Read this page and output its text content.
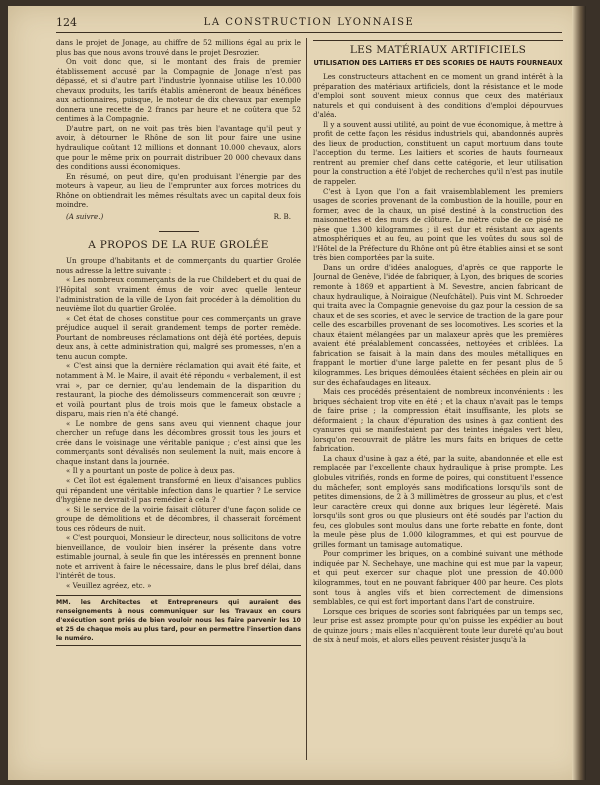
124	LA CONSTRUCTION LYONNAISE

dans le projet de Jonage, au chiffre de 52 millions égal au prix le plus bas que nous avons trouvé dans le projet Desrozier.

On voit donc que, si le montant des frais de premier établissement accusé par la Compagnie de Jonage n'est pas dépassé, et si d'autre part l'industrie lyonnaise utilise les 10.000 chevaux produits, les tarifs établis amèneront de beaux bénéfices aux actionnaires, puisque, le moteur de dix chevaux par exemple donnera une recette de 2 francs par heure et ne coûtera que 52 centimes à la Compagnie.

D'autre part, on ne voit pas très bien l'avantage qu'il peut y avoir, à détourner le Rhône de son lit pour faire une usine hydraulique coûtant 12 millions et donnant 10.000 chevaux, alors que pour le même prix on pourrait distribuer 20 000 chevaux dans des conditions aussi économiques.

En résumé, on peut dire, qu'en produisant l'énergie par des moteurs à vapeur, au lieu de l'emprunter aux forces motrices du Rhône on obtiendrait les mêmes résultats avec un capital deux fois moindre.

(A suivre.)	R. B.
A PROPOS DE LA RUE GROLÉE

Un groupe d'habitants et de commerçants du quartier Grolée nous adresse la lettre suivante :

« Les nombreux commerçants de la rue Childebert et du quai de l'Hôpital sont vraiment émus de voir avec quelle lenteur l'administration de la ville de Lyon fait procéder à la démolition du neuvième îlot du quartier Grolée.

« Cet état de choses constitue pour ces commerçants un grave préjudice auquel il serait grandement temps de porter remède. Pourtant de nombreuses réclamations ont déjà été portées, depuis deux ans, à cette administration qui, malgré ses promesses, n'en a tenu aucun compte.

« C'est ainsi que la dernière réclamation qui avait été faite, et notamment à M. le Maire, il avait été répondu « verbalement, il est vrai », par ce dernier, qu'au lendemain de la disparition du restaurant, la pioche des démolisseurs commencerait son œuvre ; et voilà pourtant plus de trois mois que le fameux obstacle a disparu, mais rien n'a été changé.

« Le nombre de gens sans aveu qui viennent chaque jour chercher un refuge dans les décombres grossit tous les jours et crée dans le voisinage une véritable panique ; c'est ainsi que les commerçants sont dévalisés non seulement la nuit, mais encore à chaque instant dans la journée.

« Il y a pourtant un poste de police à deux pas.

« Cet îlot est également transformé en lieux d'aisances publics qui répandent une véritable infection dans le quartier ? Le service d'hygiène ne devrait-il pas remédier à cela ?

« Si le service de la voirie faisait clôturer d'une façon solide ce groupe de démolitions et de décombres, il chasserait forcément tous ces rôdeurs de nuit.

« C'est pourquoi, Monsieur le directeur, nous sollicitons de votre bienveillance, de vouloir bien insérer la présente dans votre estimable journal, à seule fin que les intéressés en prennent bonne note et arrivent à faire le nécessaire, dans le plus bref délai, dans l'intérêt de tous.

« Veuillez agréez, etc. »

MM. les Architectes et Entrepreneurs qui auraient des renseignements à nous communiquer sur les Travaux en cours d'exécution sont priés de bien vouloir nous les faire parvenir les 10 et 25 de chaque mois au plus tard, pour en permettre l'insertion dans le numéro.
LES MATÉRIAUX ARTIFICIELS
UTILISATION DES LAITIERS ET DES SCORIES DE HAUTS FOURNEAUX

Les constructeurs attachent en ce moment un grand intérêt à la préparation des matériaux artificiels, dont la résistance et le mode d'emploi sont souvent mieux connus que ceux des matériaux naturels et qui conduisent à des conditions d'emploi dépourvues d'aléa.

Il y a souvent aussi utilité, au point de vue économique, à mettre à profit de cette façon les résidus industriels qui, abandonnés auprès des lieux de production, constituent un caput mortuum dans toute l'acception du terme. Les laitiers et scories de hauts fourneaux rentrent au premier chef dans cette catégorie, et leur utilisation pour la construction a été l'objet de recherches qu'il n'est pas inutile de rappeler.

C'est à Lyon que l'on a fait vraisemblablement les premiers usages de scories provenant de la combustion de la houille, pour en former, avec de la chaux, un pisé destiné à la construction des maisonnettes et des murs de clôture. Le mètre cube de ce pisé ne pèse que 1.300 kilogrammes ; il est dur et résistant aux agents atmosphériques et au feu, au point que les voûtes du sous sol de l'Hôtel de la Préfecture du Rhône ont pû être établies ainsi et se sont très bien comportées par la suite.

Dans un ordre d'idées analogues, d'après ce que rapporte le Journal de Genève, l'idée de fabriquer, à Lyon, des briques de scories remonte à 1869 et appartient à M. Sevestre, ancien fabricant de chaux hydraulique, à Noiraigue (Neufchâtel). Puis vint M. Schroeder qui traita avec la Compagnie genevoise du gaz pour la cession de sa chaux et de ses scories, et avec le service de traction de la gare pour celle des escarbilles provenant de ses locomotives. Les scories et la chaux étaient mélangées par un malaxeur après que les premières avaient été préalablement concassées, nettoyées et criblées. La fabrication se faisait à la main dans des moules métalliques en frappant le mortier d'une large palette en fer pesant plus de 5 kilogrammes. Les briques démoulées étaient séchées en plein air ou sur des échafaudages en liteaux.

Mais ces procédés présentaient de nombreux inconvénients : les briques séchaient trop vite en été ; et la chaux n'avait pas le temps de faire prise ; la compression était insuffisante, les plots se déformaient ; la chaux d'épuration des usines à gaz contient des cyanures qui se manifestaient par des teintes inégales vert bleu, lorsqu'on recouvrait de plâtre les murs faits en briques de cette fabrication.

La chaux d'usine à gaz a été, par la suite, abandonnée et elle est remplacée par l'excellente chaux hydraulique à prise prompte. Les globules vitrifiés, ronds en forme de poires, qui constituent l'essence du mâchefer, sont employés sans modifications lorsqu'ils sont de petites dimensions, de 2 à 3 millimètres de grosseur au plus, et c'est leur caractère creux qui donne aux briques leur légèreté. Mais lorsqu'ils sont gros ou que plusieurs ont été soudés par l'action du feu, ces globules sont moulus dans une forte rebatte en fonte, dont la meule pèse plus de 1.000 kilogrammes, et qui est pourvue de grilles formant un tamisage automatique.

Pour comprimer les briques, on a combiné suivant une méthode indiquée par N. Sechehaye, une machine qui est mue par la vapeur, et qui peut exercer sur chaque plot une pression de 40.000 kilogrammes, tout en ne pouvant fabriquer 400 par heure. Ces plots sont tous à angles vifs et bien correctement de dimensions semblables, ce qui est fort important dans l'art de construire.

Lorsque ces briques de scories sont fabriquées par un temps sec, leur prise est assez prompte pour qu'on puisse les expédier au bout de quinze jours ; mais elles n'acquièrent toute leur dureté qu'au bout de six à neuf mois, et alors elles peuvent résister jusqu'à la
